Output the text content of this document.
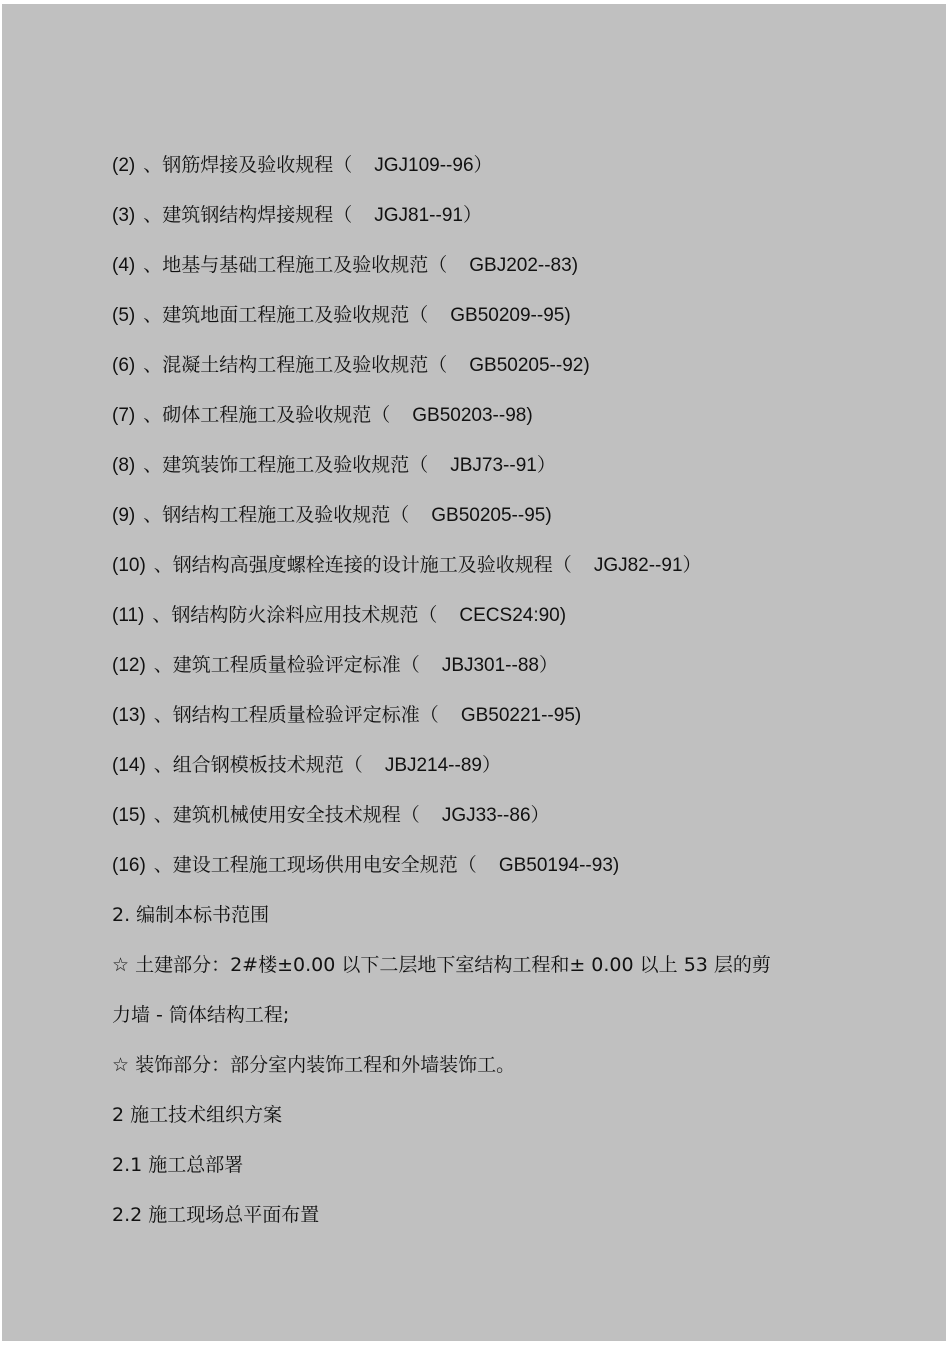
(2) 、钢筋焊接及验收规程（ JGJ109--96）
(3) 、建筑钢结构焊接规程（ JGJ81--91）
(4) 、地基与基础工程施工及验收规范（ GBJ202--83)
(5) 、建筑地面工程施工及验收规范（ GB50209--95)
(6) 、混凝土结构工程施工及验收规范（ GB50205--92)
(7) 、砌体工程施工及验收规范（ GB50203--98)
(8) 、建筑装饰工程施工及验收规范（ JBJ73--91）
(9) 、钢结构工程施工及验收规范（ GB50205--95)
(10) 、钢结构高强度螺栓连接的设计施工及验收规程（ JGJ82--91）
(11) 、钢结构防火涂料应用技术规范（ CECS24:90)
(12) 、建筑工程质量检验评定标准（ JBJ301--88）
(13) 、钢结构工程质量检验评定标准（ GB50221--95)
(14) 、组合钢模板技术规范（ JBJ214--89）
(15) 、建筑机械使用安全技术规程（ JGJ33--86）
(16) 、建设工程施工现场供用电安全规范（ GB50194--93)
2. 编制本标书范围
☆ 土建部分：2#楼±0.00 以下二层地下室结构工程和± 0.00 以上 53 层的剪
力墙 - 筒体结构工程;
☆ 装饰部分：部分室内装饰工程和外墙装饰工。
2 施工技术组织方案
2.1 施工总部署
2.2 施工现场总平面布置
